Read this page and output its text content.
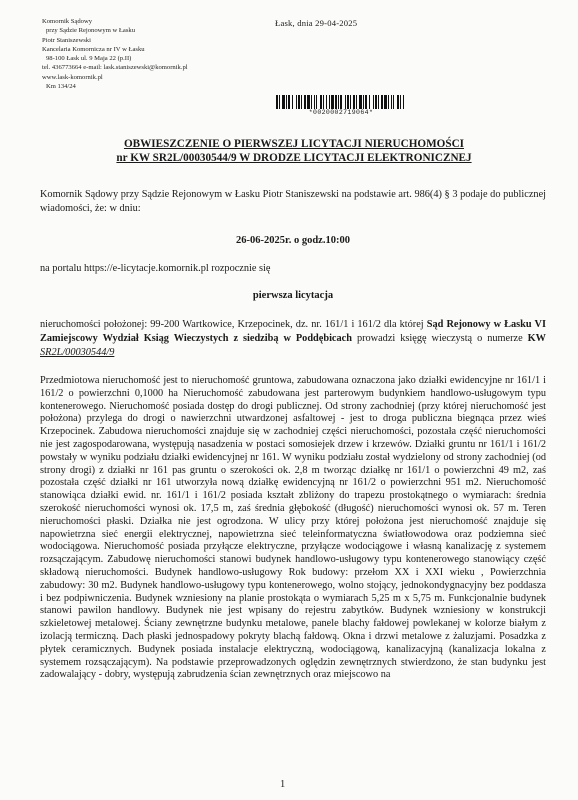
Komornik Sądowy
przy Sądzie Rejonowym w Łasku
Piotr Staniszewski
Kancelaria Komornicza nr IV w Łasku
98-100 Łask ul. 9 Maja 22 (p.II)
tel. 436773664 e-mail: lask.staniszewski@komornik.pl
www.lask-komornik.pl
Km 134/24
Łask, dnia 29-04-2025
*0020002719064*
OBWIESZCZENIE O PIERWSZEJ LICYTACJI NIERUCHOMOŚCI
nr KW SR2L/00030544/9 W DRODZE LICYTACJI ELEKTRONICZNEJ
Komornik Sądowy przy Sądzie Rejonowym w Łasku Piotr Staniszewski na podstawie art. 986(4) § 3 podaje do publicznej wiadomości, że: w dniu:
26-06-2025r. o godz.10:00
na portalu https://e-licytacje.komornik.pl rozpocznie się
pierwsza licytacja
nieruchomości położonej: 99-200 Wartkowice, Krzepocinek, dz. nr. 161/1 i 161/2 dla której Sąd Rejonowy w Łasku VI Zamiejscowy Wydział Ksiąg Wieczystych z siedzibą w Poddębicach prowadzi księgę wieczystą o numerze KW SR2L/00030544/9
Przedmiotowa nieruchomość jest to nieruchomość gruntowa, zabudowana oznaczona jako działki ewidencyjne nr 161/1 i 161/2 o powierzchni 0,1000 ha Nieruchomość zabudowana jest parterowym budynkiem handlowo-usługowym typu kontenerowego. Nieruchomość posiada dostęp do drogi publicznej. Od strony zachodniej (przy której nieruchomość jest położona) przylega do drogi o nawierzchni utwardzonej asfaltowej - jest to droga publiczna biegnąca przez wieś Krzepocinek. Zabudowa nieruchomości znajduje się w zachodniej części nieruchomości, pozostała część nieruchomości nie jest zagospodarowana, występują nasadzenia w postaci somosiejek drzew i krzewów. Działki gruntu nr 161/1 i 161/2 powstały w wyniku podziału działki ewidencyjnej nr 161. W wyniku podziału został wydzielony od strony zachodniej (od strony drogi) z działki nr 161 pas gruntu o szerokości ok. 2,8 m tworząc działkę nr 161/1 o powierzchni 49 m2, zaś pozostała część działki nr 161 utworzyła nową działkę ewidencyjną nr 161/2 o powierzchni 951 m2. Nieruchomość stanowiąca działki ewid. nr. 161/1 i 161/2 posiada kształt zbliżony do trapezu prostokątnego o wymiarach: średnia szerokość nieruchomości wynosi ok. 17,5 m, zaś średnia głębokość (długość) nieruchomości wynosi ok. 57 m. Teren nieruchomości płaski. Działka nie jest ogrodzona. W ulicy przy której położona jest nieruchomość znajduje się napowietrzna sieć energii elektrycznej, napowietrzna sieć teleinformatyczna światłowodowa oraz podziemna sieć wodociągowa. Nieruchomość posiada przyłącze elektryczne, przyłącze wodociągowe i własną kanalizację z systemem rozsączającym. Zabudowę nieruchomości stanowi budynek handlowo-usługowy typu kontenerowego stanowiący część składową nieruchomości. Budynek handlowo-usługowy Rok budowy: przełom XX i XXI wieku , Powierzchnia zabudowy: 30 m2. Budynek handlowo-usługowy typu kontenerowego, wolno stojący, jednokondygnacyjny bez poddasza i bez podpiwniczenia. Budynek wzniesiony na planie prostokąta o wymiarach 5,25 m x 5,75 m. Funkcjonalnie budynek stanowi pawilon handlowy. Budynek nie jest wpisany do rejestru zabytków. Budynek wzniesiony w konstrukcji szkieletowej metalowej. Ściany zewnętrzne budynku metalowe, panele blachy fałdowej powlekanej w kolorze białym z izolacją termiczną. Dach płaski jednospadowy pokryty blachą fałdową. Okna i drzwi metalowe z żaluzjami. Posadzka z płytek ceramicznych. Budynek posiada instalacje elektryczną, wodociągową, kanalizacyjną (kanalizacja lokalna z systemem rozsączającym). Na podstawie przeprowadzonych oględzin zewnętrznych stwierdzono, że stan budynku jest zadowalający - dobry, występują zabrudzenia ścian zewnętrznych oraz miejscowo na
1
